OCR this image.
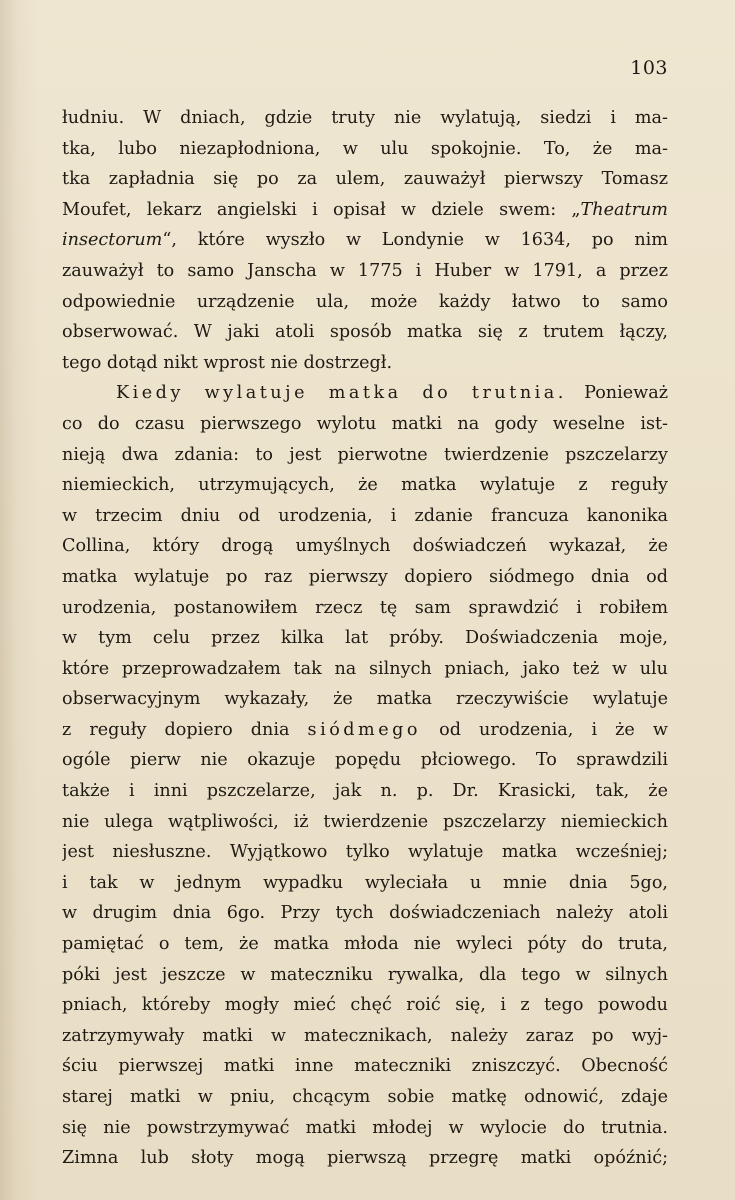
103
łudniu. W dniach, gdzie truty nie wylatują, siedzi i ma-
tka, lubo niezapłodniona, w ulu spokojnie. To, że ma-
tka zapładnia się po za ulem, zauważył pierwszy Tomasz
Moufet, lekarz angielski i opisał w dziele swem: „Theatrum
insectorum“, które wyszło w Londynie w 1634, po nim
zauważył to samo Janscha w 1775 i Huber w 1791, a przez
odpowiednie urządzenie ula, może każdy łatwo to samo
obserwować. W jaki atoli sposób matka się z trutem łączy,
tego dotąd nikt wprost nie dostrzegł.
Kiedy wylatuje matka do trutnia. Ponieważ
co do czasu pierwszego wylotu matki na gody weselne ist-
nieją dwa zdania: to jest pierwotne twierdzenie pszczelarzy
niemieckich, utrzymujących, że matka wylatuje z reguły
w trzecim dniu od urodzenia, i zdanie francuza kanonika
Collina, który drogą umyślnych doświadczeń wykazał, że
matka wylatuje po raz pierwszy dopiero siódmego dnia od
urodzenia, postanowiłem rzecz tę sam sprawdzić i robiłem
w tym celu przez kilka lat próby. Doświadczenia moje,
które przeprowadzałem tak na silnych pniach, jako też w ulu
obserwacyjnym wykazały, że matka rzeczywiście wylatuje
z reguły dopiero dnia siódmego od urodzenia, i że w
ogóle pierw nie okazuje popędu płciowego. To sprawdzili
także i inni pszczelarze, jak n. p. Dr. Krasicki, tak, że
nie ulega wątpliwości, iż twierdzenie pszczelarzy niemieckich
jest niesłuszne. Wyjątkowo tylko wylatuje matka wcześniej;
i tak w jednym wypadku wyleciała u mnie dnia 5go,
w drugim dnia 6go. Przy tych doświadczeniach należy atoli
pamiętać o tem, że matka młoda nie wyleci póty do truta,
póki jest jeszcze w mateczniku rywalka, dla tego w silnych
pniach, któreby mogły mieć chęć roić się, i z tego powodu
zatrzymywały matki w matecznikach, należy zaraz po wyj-
ściu pierwszej matki inne mateczniki zniszczyć. Obecność
starej matki w pniu, chcącym sobie matkę odnowić, zdaje
się nie powstrzymywać matki młodej w wylocie do trutnia.
Zimna lub słoty mogą pierwszą przegrę matki opóźnić;
